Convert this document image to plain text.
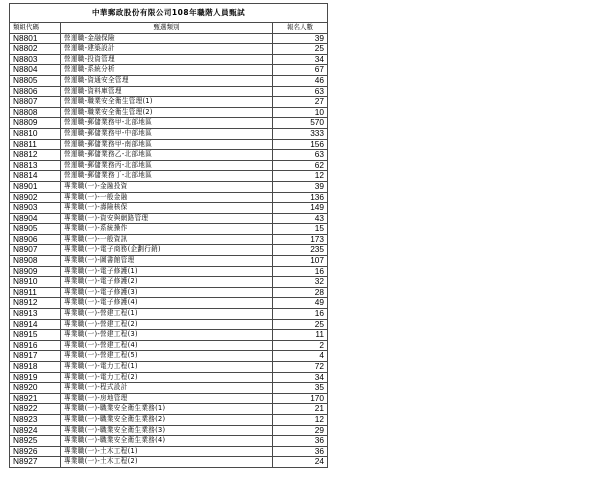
中華郵政股份有限公司108年職階人員甄試		
類組代碼	甄選類別	報名人數
N8801	營運職-金融保險	39
N8802	營運職-建築設計	25
N8803	營運職-投資管理	34
N8804	營運職-系統分析	67
N8805	營運職-資通安全管理	46
N8806	營運職-資料庫管理	63
N8807	營運職-職業安全衛生管理(1)	27
N8808	營運職-職業安全衛生管理(2)	10
N8809	營運職-郵儲業務甲-北部地區	570
N8810	營運職-郵儲業務甲-中部地區	333
N8811	營運職-郵儲業務甲-南部地區	156
N8812	營運職-郵儲業務乙-北部地區	63
N8813	營運職-郵儲業務丙-北部地區	62
N8814	營運職-郵儲業務丁-北部地區	12
N8901	專業職(一)-金融投資	39
N8902	專業職(一)-一般金融	136
N8903	專業職(一)-壽險核保	149
N8904	專業職(一)-資安與網路管理	43
N8905	專業職(一)-系統操作	15
N8906	專業職(一)-一般資訊	173
N8907	專業職(一)-電子商務(企劃行銷)	235
N8908	專業職(一)-圖書館管理	107
N8909	專業職(一)-電子修護(1)	16
N8910	專業職(一)-電子修護(2)	32
N8911	專業職(一)-電子修護(3)	28
N8912	專業職(一)-電子修護(4)	49
N8913	專業職(一)-營建工程(1)	16
N8914	專業職(一)-營建工程(2)	25
N8915	專業職(一)-營建工程(3)	11
N8916	專業職(一)-營建工程(4)	2
N8917	專業職(一)-營建工程(5)	4
N8918	專業職(一)-電力工程(1)	72
N8919	專業職(一)-電力工程(2)	34
N8920	專業職(一)-程式設計	35
N8921	專業職(一)-房地管理	170
N8922	專業職(一)-職業安全衛生業務(1)	21
N8923	專業職(一)-職業安全衛生業務(2)	12
N8924	專業職(一)-職業安全衛生業務(3)	29
N8925	專業職(一)-職業安全衛生業務(4)	36
N8926	專業職(一)-土木工程(1)	36
N8927	專業職(一)-土木工程(2)	24
